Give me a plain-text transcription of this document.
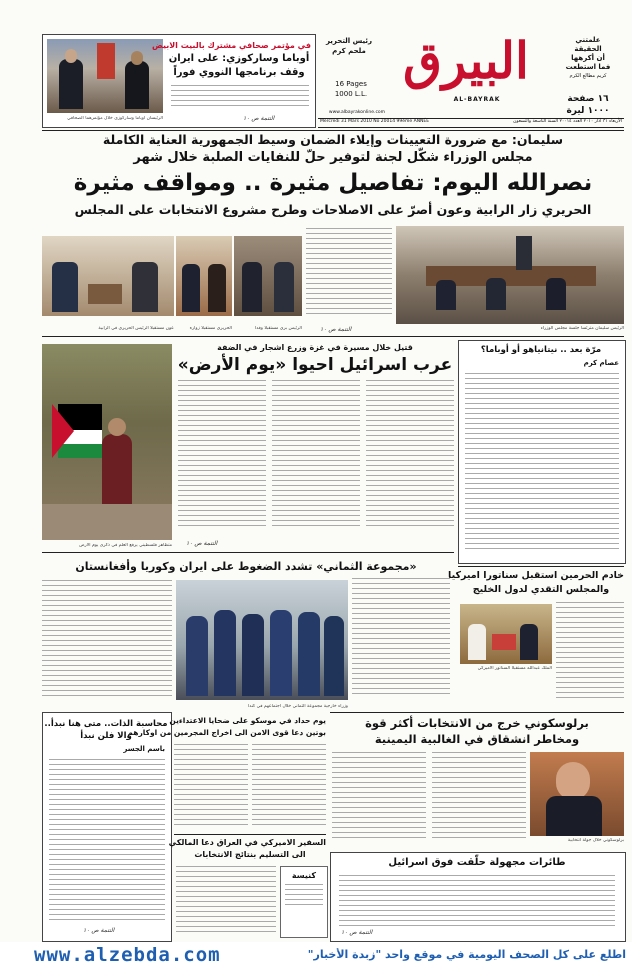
علمتني
الحقيقة
أن أكرهها
فما استطعت
كريم مطالع الكرم
١٦ صفحة
١٠٠٠ ليرة
البيرق
AL-BAYRAK
رئيس التحرير
ملحم كرم
16 Pages
1000 L.L.
www.albayrakonline.com
Mercredi 31 Mars 2010 No 20014 99ème ANNÉE	الأربعاء ٣١ آذار ٢٠١٠ العدد ٢٠٠١٤ السنة التاسعة والتسعون
الرئيسان أوباما وساركوزي خلال مؤتمرهما الصحافي
في مؤتمر صحافي مشترك بالبيت الابيض
أوباما وساركوزي: على ايران
وقف برنامجها النووي فوراً
التتمة ص ١٠
سليمان: مع ضرورة التعيينات وإيلاء الضمان وسيط الجمهورية العناية الكاملة
مجلس الوزراء شكّل لجنة لتوفير حلّ للنفايات الصلبة خلال شهر
نصرالله اليوم: تفاصيل مثيرة .. ومواقف مثيرة
الحريري زار الرابية وعون أصرّ على الاصلاحات وطرح مشروع الانتخابات على المجلس
الرئيس سليمان مترئساً جلسة مجلس الوزراء
التتمة ص ١٠
الرئيس بري مستقبلاً وفداً
الحريري مستقبلاً زواره
عون مستقبلاً الرئيس الحريري في الرابية
مرّة بعد .. نيتانياهو أو أوباما؟
عصام كرم
قتيل خلال مسيرة في غزة وزرع اشجار في الضفة
عرب اسرائيل احيوا «يوم الأرض»
متظاهر فلسطيني يرفع العلم في ذكرى يوم الأرض التتمة ص ١٠
«مجموعة الثماني» تشدد الضغوط على ايران وكوريا وأفغانستان
وزراء خارجية مجموعة الثماني خلال اجتماعهم في كندا
خادم الحرمين استقبل سناتورا اميركيا
والمجلس التقدي لدول الخليج
الملك عبدالله مستقبلاً السناتور الاميركي
برلوسكوني خرج من الانتخابات أكثر قوة
ومخاطر انشقاق في الغالبية اليمينية
برلوسكوني خلال جولة انتخابية
طائرات مجهولة حلّقت فوق اسرائيل
التتمة ص ١٠
محاسبة الذات.. متى هنا نبدأ..
والا فلن نبدأ
باسم الجسر
التتمة ص ١٠
يوم حداد في موسكو على ضحايا الاعتداءين
بوتين دعا قوى الامن الى اخراج المجرمين من اوكارهم
السفير الاميركي في العراق دعا المالكي
الى التسليم بنتائج الانتخابات
كنيسة
www.alzebda.com	اطلع على كل الصحف اليومية في موقع واحد "زبدة الأخبار"
